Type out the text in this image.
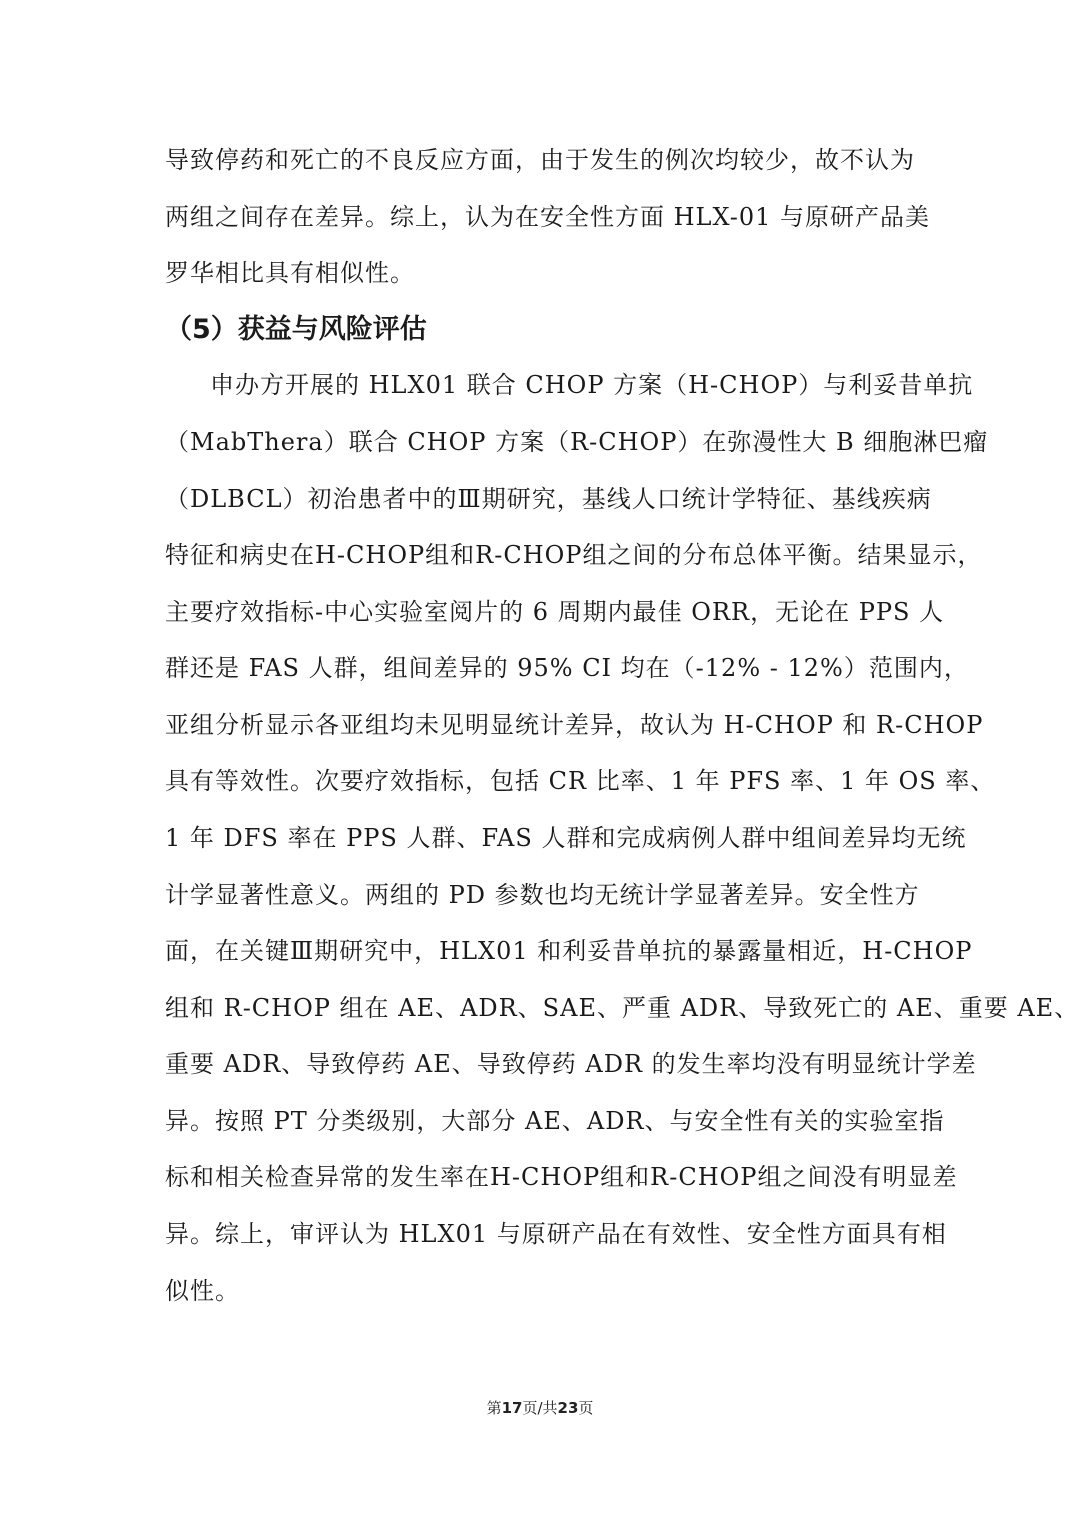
导致停药和死亡的不良反应方面，由于发生的例次均较少，故不认为
两组之间存在差异。综上，认为在安全性方面 HLX-01 与原研产品美
罗华相比具有相似性。
（5）获益与风险评估
申办方开展的 HLX01 联合 CHOP 方案（H-CHOP）与利妥昔单抗
（MabThera）联合 CHOP 方案（R-CHOP）在弥漫性大 B 细胞淋巴瘤
（DLBCL）初治患者中的Ⅲ期研究，基线人口统计学特征、基线疾病
特征和病史在H-CHOP组和R-CHOP组之间的分布总体平衡。结果显示，
主要疗效指标-中心实验室阅片的 6 周期内最佳 ORR，无论在 PPS 人
群还是 FAS 人群，组间差异的 95% CI 均在（-12% - 12%）范围内，
亚组分析显示各亚组均未见明显统计差异，故认为 H-CHOP 和 R-CHOP
具有等效性。次要疗效指标，包括 CR 比率、1 年 PFS 率、1 年 OS 率、
1 年 DFS 率在 PPS 人群、FAS 人群和完成病例人群中组间差异均无统
计学显著性意义。两组的 PD 参数也均无统计学显著差异。安全性方
面，在关键Ⅲ期研究中，HLX01 和利妥昔单抗的暴露量相近，H-CHOP
组和 R-CHOP 组在 AE、ADR、SAE、严重 ADR、导致死亡的 AE、重要 AE、
重要 ADR、导致停药 AE、导致停药 ADR 的发生率均没有明显统计学差
异。按照 PT 分类级别，大部分 AE、ADR、与安全性有关的实验室指
标和相关检查异常的发生率在H-CHOP组和R-CHOP组之间没有明显差
异。综上，审评认为 HLX01 与原研产品在有效性、安全性方面具有相
似性。
第17页/共23页
